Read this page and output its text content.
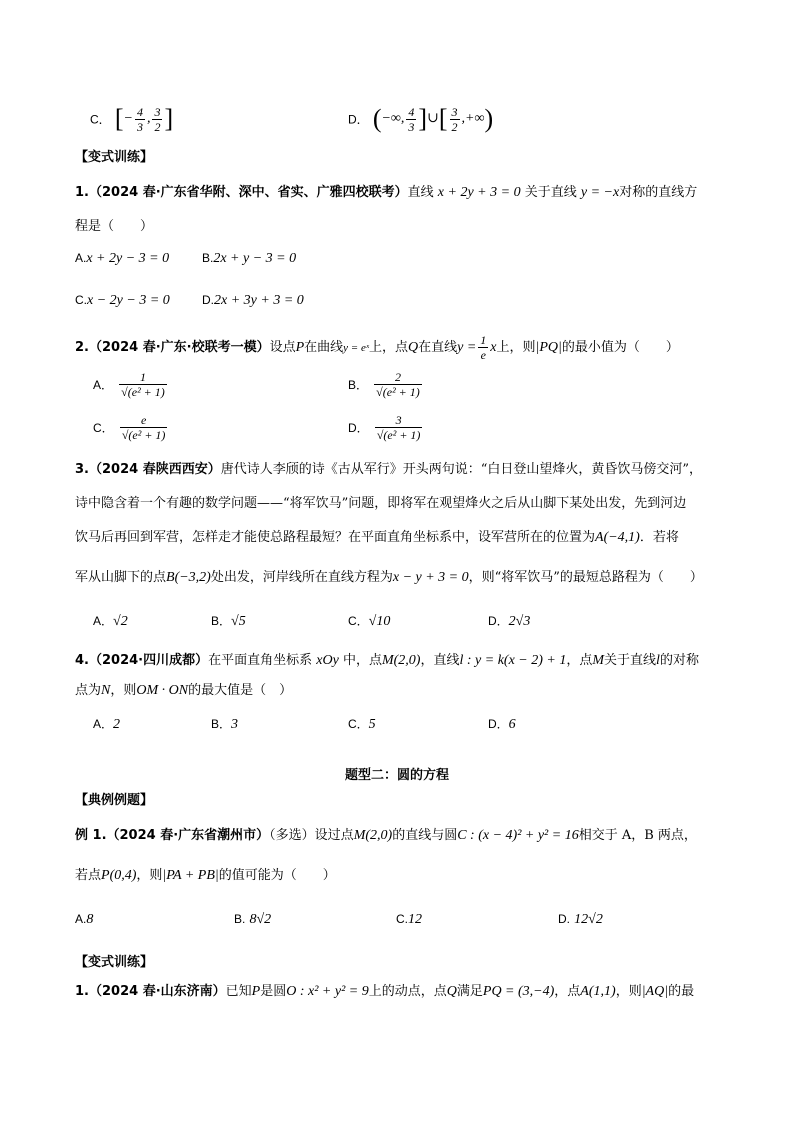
C． [− $\frac{4}{3}$ , $\frac{3}{2}$ ]	D． (−∞, $\frac{4}{3}$ ]∪[ $\frac{3}{2}$ ,+∞)
【变式训练】
1.（2024 春·广东省华附、深中、省实、广雅四校联考）直线 x + 2y + 3 = 0 关于直线 y = −x对称的直线方
程是（　　）
A.x + 2y − 3 = 0	B.2x + y − 3 = 0
C.x − 2y − 3 = 0	D.2x + 3y + 3 = 0
2.（2024 春·广东·校联考一模）设点P在曲线y = eˣ上，点Q在直线$y = \frac{1}{e}$ x上，则|PQ|的最小值为（　　）
A． $\frac{1}{\text{√(e² + 1)}}$	B． $\frac{2}{\text{√(e² + 1)}}$
C． $\frac{e}{\text{√(e² + 1)}}$	D． $\frac{3}{\text{√(e² + 1)}}$
3.（2024 春陕西西安）唐代诗人李颀的诗《古从军行》开头两句说：“白日登山望烽火，黄昏饮马傍交河”，
诗中隐含着一个有趣的数学问题——“将军饮马”问题，即将军在观望烽火之后从山脚下某处出发，先到河边
饮马后再回到军营，怎样走才能使总路程最短？在平面直角坐标系中，设军营所在的位置为A(−4,1)．若将
军从山脚下的点B(−3,2)处出发，河岸线所在直线方程为x − y + 3 = 0，则“将军饮马”的最短总路程为（　　）
A．√2	B．√5	C．√10	D．2√3
4.（2024·四川成都）在平面直角坐标系 xOy 中，点M(2,0)，直线l : y = k(x − 2) + 1，点M关于直线l的对称
点为N，则OM · ON的最大值是（　）
A．2	B．3	C．5	D．6
题型二：圆的方程
【典例例题】
例 1.（2024 春·广东省潮州市）（多选）设过点M(2,0)的直线与圆C : (x − 4)² + y² = 16相交于 A，B 两点，
若点P(0,4)，则|PA + PB|的值可能为（　　）
A.8	B. 8√2	C.12	D. 12√2
【变式训练】
1.（2024 春·山东济南）已知P是圆O : x² + y² = 9上的动点，点Q满足PQ = (3,−4)，点A(1,1)，则|AQ|的最
